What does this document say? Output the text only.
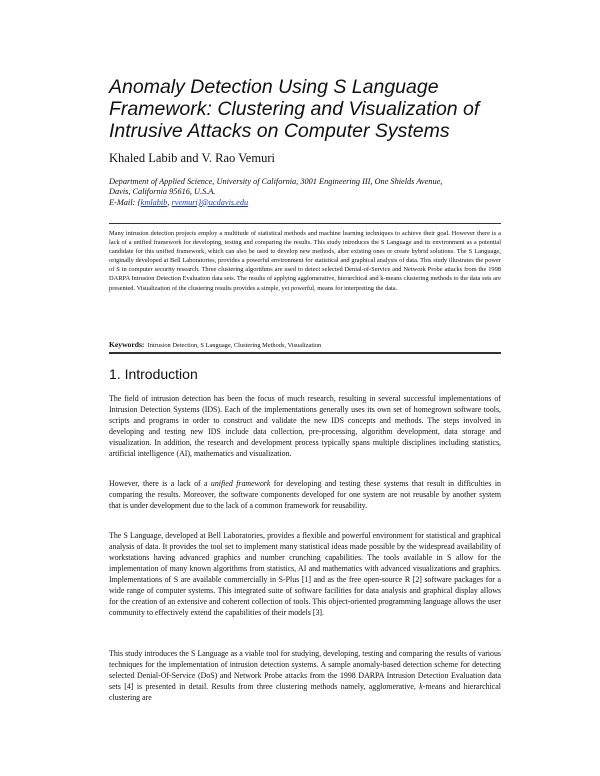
Anomaly Detection Using S Language
Framework: Clustering and Visualization of
Intrusive Attacks on Computer Systems
Khaled Labib and V. Rao Vemuri
Department of Applied Science, University of California, 3001 Engineering III, One Shields Avenue,
Davis, California 95616, U.S.A.
E-Mail: {kmlabib, rvemuri}@ucdavis.edu
Many intrusion detection projects employ a multitude of statistical methods and machine learning techniques to achieve their goal. However there is a lack of a unified framework for developing, testing and comparing the results. This study introduces the S Language and its environment as a potential candidate for this unified framework, which can also be used to develop new methods, alter existing ones or create hybrid solutions. The S Language, originally developed at Bell Laboratories, provides a powerful environment for statistical and graphical analysis of data. This study illustrates the power of S in computer security research. Three clustering algorithms are used to detect selected Denial-of-Service and Network Probe attacks from the 1998 DARPA Intrusion Detection Evaluation data sets. The results of applying agglomerative, hierarchical and k-means clustering methods to the data sets are presented. Visualization of the clustering results provides a simple, yet powerful, means for interpreting the data.
Keywords: Intrusion Detection, S Language, Clustering Methods, Visualization
1. Introduction

The field of intrusion detection has been the focus of much research, resulting in several successful implementations of Intrusion Detection Systems (IDS). Each of the implementations generally uses its own set of homegrown software tools, scripts and programs in order to construct and validate the new IDS concepts and methods. The steps involved in developing and testing new IDS include data collection, pre-processing, algorithm development, data storage and visualization. In addition, the research and development process typically spans multiple disciplines including statistics, artificial intelligence (AI), mathematics and visualization.

However, there is a lack of a unified framework for developing and testing these systems that result in difficulties in comparing the results. Moreover, the software components developed for one system are not reusable by another system that is under development due to the lack of a common framework for reusability.

The S Language, developed at Bell Laboratories, provides a flexible and powerful environment for statistical and graphical analysis of data. It provides the tool set to implement many statistical ideas made possible by the widespread availability of workstations having advanced graphics and number crunching capabilities. The tools available in S allow for the implementation of many known algorithms from statistics, AI and mathematics with advanced visualizations and graphics. Implementations of S are available commercially in S-Plus [1] and as the free open-source R [2] software packages for a wide range of computer systems. This integrated suite of software facilities for data analysis and graphical display allows for the creation of an extensive and coherent collection of tools. This object-oriented programming language allows the user community to effectively extend the capabilities of their models [3].

This study introduces the S Language as a viable tool for studying, developing, testing and comparing the results of various techniques for the implementation of intrusion detection systems. A sample anomaly-based detection scheme for detecting selected Denial-Of-Service (DoS) and Network Probe attacks from the 1998 DARPA Intrusion Detection Evaluation data sets [4] is presented in detail. Results from three clustering methods namely, agglomerative, k-means and hierarchical clustering are
